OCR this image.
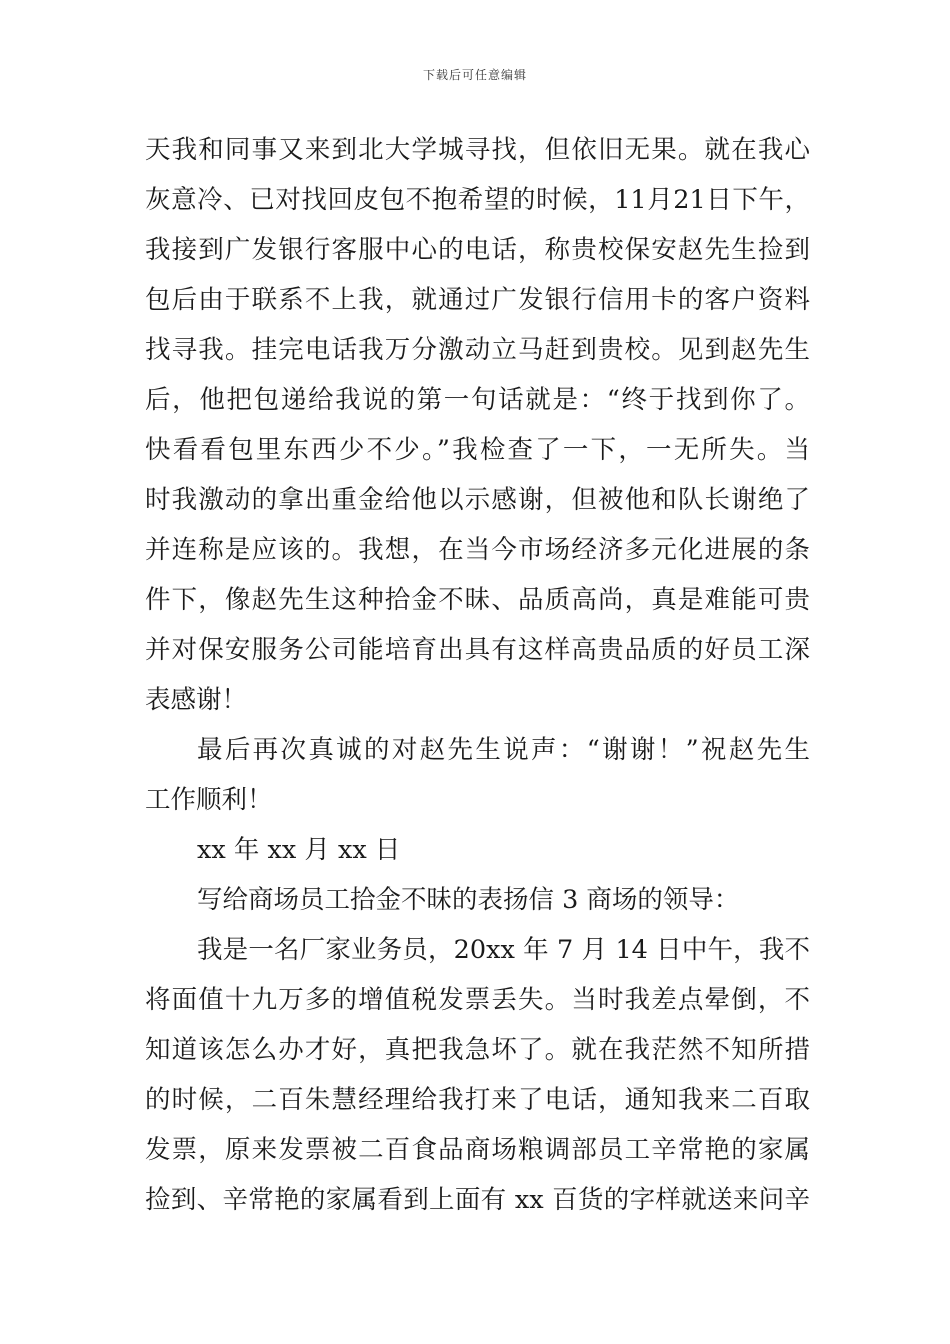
下载后可任意编辑
天我和同事又来到北大学城寻找，但依旧无果。就在我心
灰意冷、已对找回皮包不抱希望的时候，11月21日下午，
我接到广发银行客服中心的电话，称贵校保安赵先生捡到
包后由于联系不上我，就通过广发银行信用卡的客户资料
找寻我。挂完电话我万分激动立马赶到贵校。见到赵先生
后，他把包递给我说的第一句话就是：“终于找到你了。
快看看包里东西少不少。”我检查了一下，一无所失。当
时我激动的拿出重金给他以示感谢，但被他和队长谢绝了
并连称是应该的。我想，在当今市场经济多元化进展的条
件下，像赵先生这种拾金不昧、品质高尚，真是难能可贵
并对保安服务公司能培育出具有这样高贵品质的好员工深
表感谢！
最后再次真诚的对赵先生说声：“谢谢！”祝赵先生
工作顺利！
xx 年 xx 月 xx 日
写给商场员工拾金不昧的表扬信 3 商场的领导：
我是一名厂家业务员，20xx 年 7 月 14 日中午，我不
将面值十九万多的增值税发票丢失。当时我差点晕倒，不
知道该怎么办才好，真把我急坏了。就在我茫然不知所措
的时候，二百朱慧经理给我打来了电话，通知我来二百取
发票，原来发票被二百食品商场粮调部员工辛常艳的家属
捡到、辛常艳的家属看到上面有 xx 百货的字样就送来问辛
